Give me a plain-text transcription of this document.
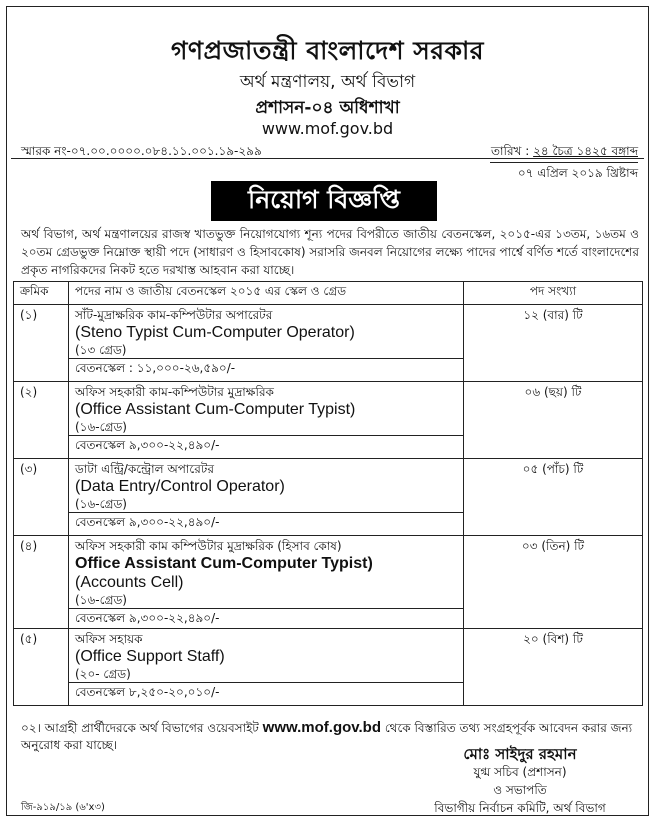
গণপ্রজাতন্ত্রী বাংলাদেশ সরকার
অর্থ মন্ত্রণালয়, অর্থ বিভাগ
প্রশাসন-০৪ অধিশাখা
www.mof.gov.bd
স্মারক নং-০৭.০০.০০০০.০৮৪.১১.০০১.১৯-২৯৯	তারিখ : ২৪ চৈত্র ১৪২৫ বঙ্গাব্দ
০৭ এপ্রিল ২০১৯ খ্রিষ্টাব্দ
নিয়োগ বিজ্ঞপ্তি
অর্থ বিভাগ, অর্থ মন্ত্রণালয়ের রাজস্ব খাতভুক্ত নিয়োগযোগ্য শূন্য পদের বিপরীতে জাতীয় বেতনস্কেল, ২০১৫-এর ১৩তম, ১৬তম ও ২০তম গ্রেডভুক্ত নিম্নোক্ত স্থায়ী পদে (সাধারণ ও হিসাবকোষ) সরাসরি জনবল নিয়োগের লক্ষ্যে পাদের পার্শ্বে বর্ণিত শর্তে বাংলাদেশের প্রকৃত নাগরিকদের নিকট হতে দরখাস্ত আহবান করা যাচ্ছে।
ক্রমিক	পদের নাম ও জাতীয় বেতনস্কেল ২০১৫ এর স্কেল ও গ্রেড	পদ সংখ্যা
(১)	সাঁট-মুদ্রাক্ষরিক কাম-কম্পিউটার অপারেটর
(Steno Typist Cum-Computer Operator)
(১৩ গ্রেড)
বেতনস্কেল : ১১,০০০-২৬,৫৯০/-	১২ (বার) টি
(২)	অফিস সহকারী কাম-কম্পিউটার মুদ্রাক্ষরিক
(Office Assistant Cum-Computer Typist)
(১৬-গ্রেড)
বেতনস্কেল ৯,৩০০-২২,৪৯০/-	০৬ (ছয়) টি
(৩)	ডাটা এন্ট্রি/কন্ট্রোল অপারেটর
(Data Entry/Control Operator)
(১৬-গ্রেড)
বেতনস্কেল ৯,৩০০-২২,৪৯০/-	০৫ (পাঁচ) টি
(৪)	অফিস সহকারী কাম কম্পিউটার মুদ্রাক্ষরিক (হিসাব কোষ)
Office Assistant Cum-Computer Typist)
(Accounts Cell)
(১৬-গ্রেড)
বেতনস্কেল ৯,৩০০-২২,৪৯০/-	০৩ (তিন) টি
(৫)	অফিস সহায়ক
(Office Support Staff)
(২০- গ্রেড)
বেতনস্কেল ৮,২৫০-২০,০১০/-	২০ (বিশ) টি
০২। আগ্রহী প্রার্থীদেরকে অর্থ বিভাগের ওয়েবসাইট www.mof.gov.bd থেকে বিস্তারিত তথ্য সংগ্রহপূর্বক আবেদন করার জন্য অনুরোধ করা যাচ্ছে।	মোঃ সাইদুর রহমান
যুগ্ম সচিব (প্রশাসন)
ও সভাপতি
বিভাগীয় নির্বাচন কমিটি, অর্থ বিভাগ
জি-৯১৯/১৯ (৬'x৩)
